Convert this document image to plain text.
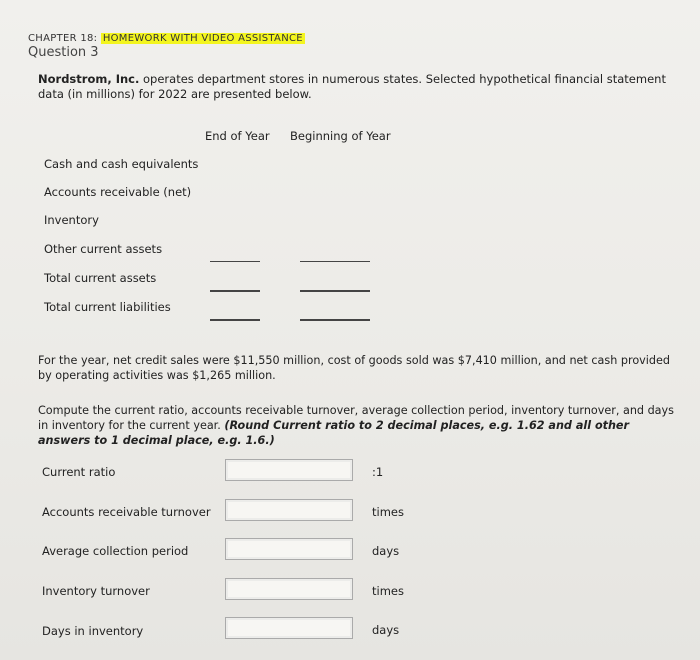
CHAPTER 18: HOMEWORK WITH VIDEO ASSISTANCE
Question 3
Nordstrom, Inc. operates department stores in numerous states. Selected hypothetical financial statement data (in millions) for 2022 are presented below.
End of Year Beginning of Year
Cash and cash equivalents
Accounts receivable (net)
Inventory
Other current assets
Total current assets
Total current liabilities
For the year, net credit sales were $11,550 million, cost of goods sold was $7,410 million, and net cash provided by operating activities was $1,265 million.
Compute the current ratio, accounts receivable turnover, average collection period, inventory turnover, and days in inventory for the current year. (Round Current ratio to 2 decimal places, e.g. 1.62 and all other answers to 1 decimal place, e.g. 1.6.)
Current ratio	:1
Accounts receivable turnover	times
Average collection period	days
Inventory turnover	times
Days in inventory	days
